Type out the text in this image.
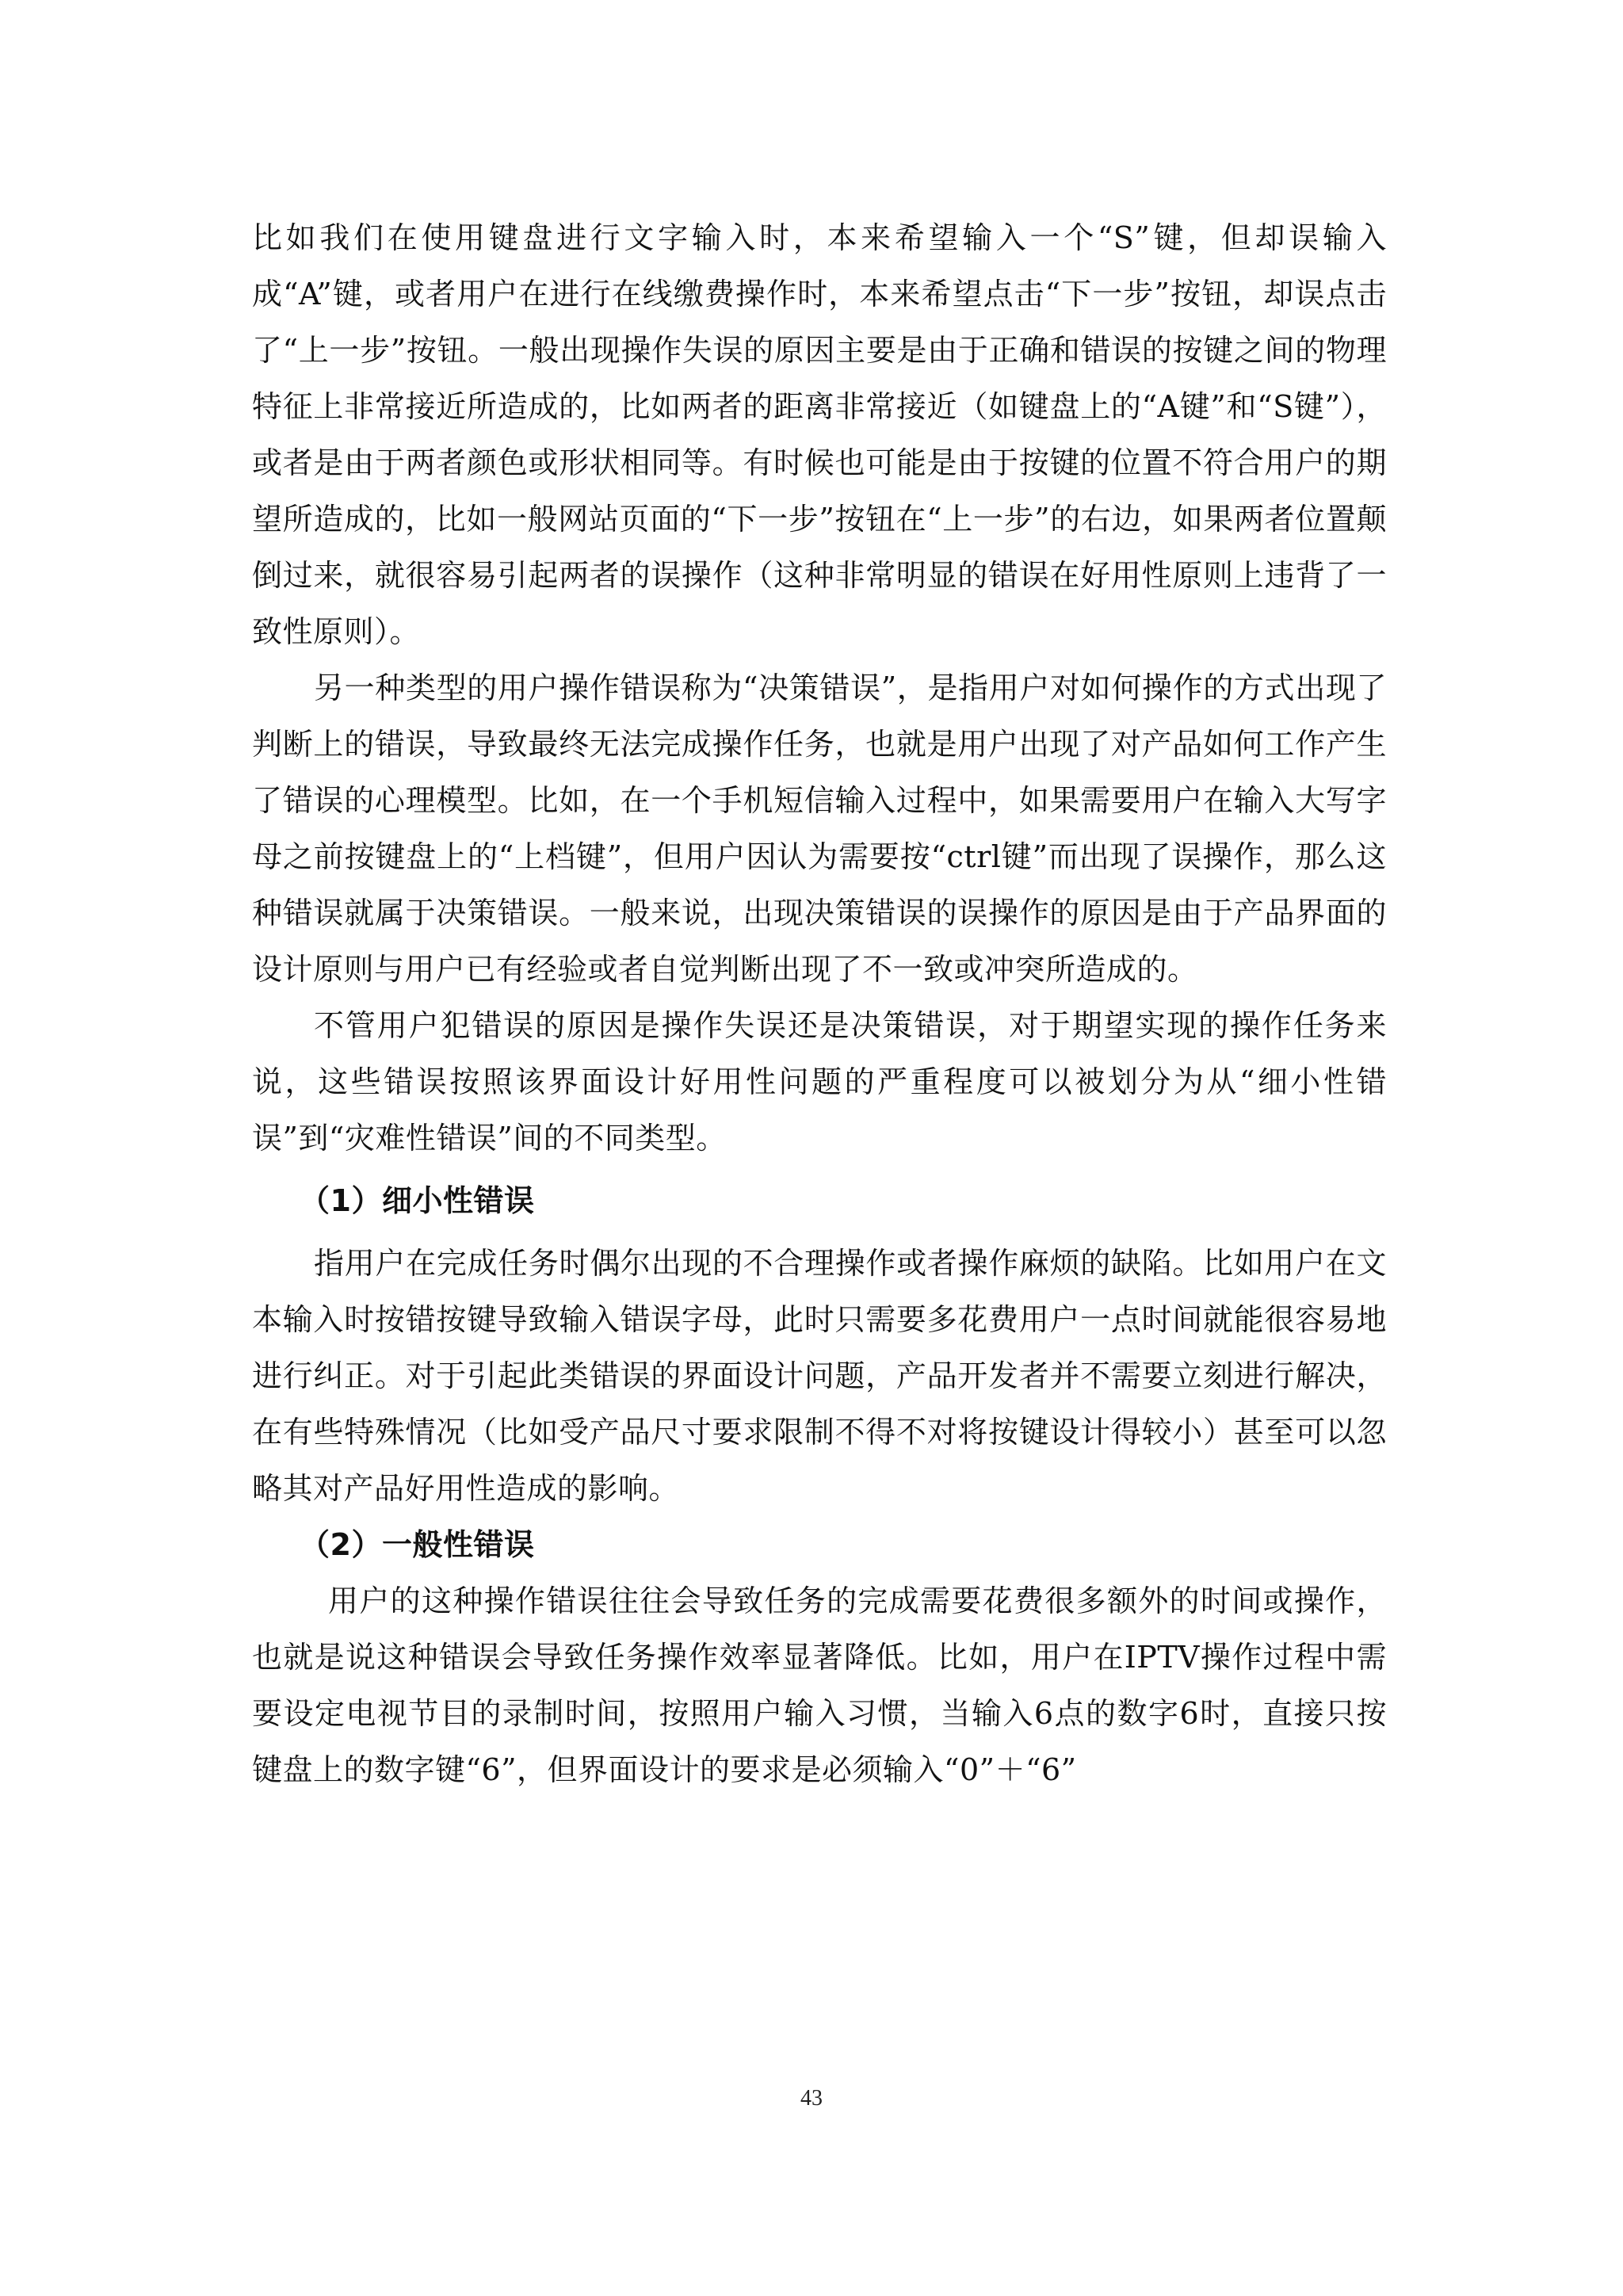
比如我们在使用键盘进行文字输入时，本来希望输入一个“S”键，但却误输入成“A”键，或者用户在进行在线缴费操作时，本来希望点击“下一步”按钮，却误点击了“上一步”按钮。一般出现操作失误的原因主要是由于正确和错误的按键之间的物理特征上非常接近所造成的，比如两者的距离非常接近（如键盘上的“A键”和“S键”），或者是由于两者颜色或形状相同等。有时候也可能是由于按键的位置不符合用户的期望所造成的，比如一般网站页面的“下一步”按钮在“上一步”的右边，如果两者位置颠倒过来，就很容易引起两者的误操作（这种非常明显的错误在好用性原则上违背了一致性原则）。

另一种类型的用户操作错误称为“决策错误”，是指用户对如何操作的方式出现了判断上的错误，导致最终无法完成操作任务，也就是用户出现了对产品如何工作产生了错误的心理模型。比如，在一个手机短信输入过程中，如果需要用户在输入大写字母之前按键盘上的“上档键”，但用户因认为需要按“ctrl键”而出现了误操作，那么这种错误就属于决策错误。一般来说，出现决策错误的误操作的原因是由于产品界面的设计原则与用户已有经验或者自觉判断出现了不一致或冲突所造成的。

不管用户犯错误的原因是操作失误还是决策错误，对于期望实现的操作任务来说，这些错误按照该界面设计好用性问题的严重程度可以被划分为从“细小性错误”到“灾难性错误”间的不同类型。

（1）细小性错误

指用户在完成任务时偶尔出现的不合理操作或者操作麻烦的缺陷。比如用户在文本输入时按错按键导致输入错误字母，此时只需要多花费用户一点时间就能很容易地进行纠正。对于引起此类错误的界面设计问题，产品开发者并不需要立刻进行解决，在有些特殊情况（比如受产品尺寸要求限制不得不对将按键设计得较小）甚至可以忽略其对产品好用性造成的影响。

（2）一般性错误

用户的这种操作错误往往会导致任务的完成需要花费很多额外的时间或操作，也就是说这种错误会导致任务操作效率显著降低。比如，用户在IPTV操作过程中需要设定电视节目的录制时间，按照用户输入习惯，当输入6点的数字6时，直接只按键盘上的数字键“6”，但界面设计的要求是必须输入“0”＋“6”

43
